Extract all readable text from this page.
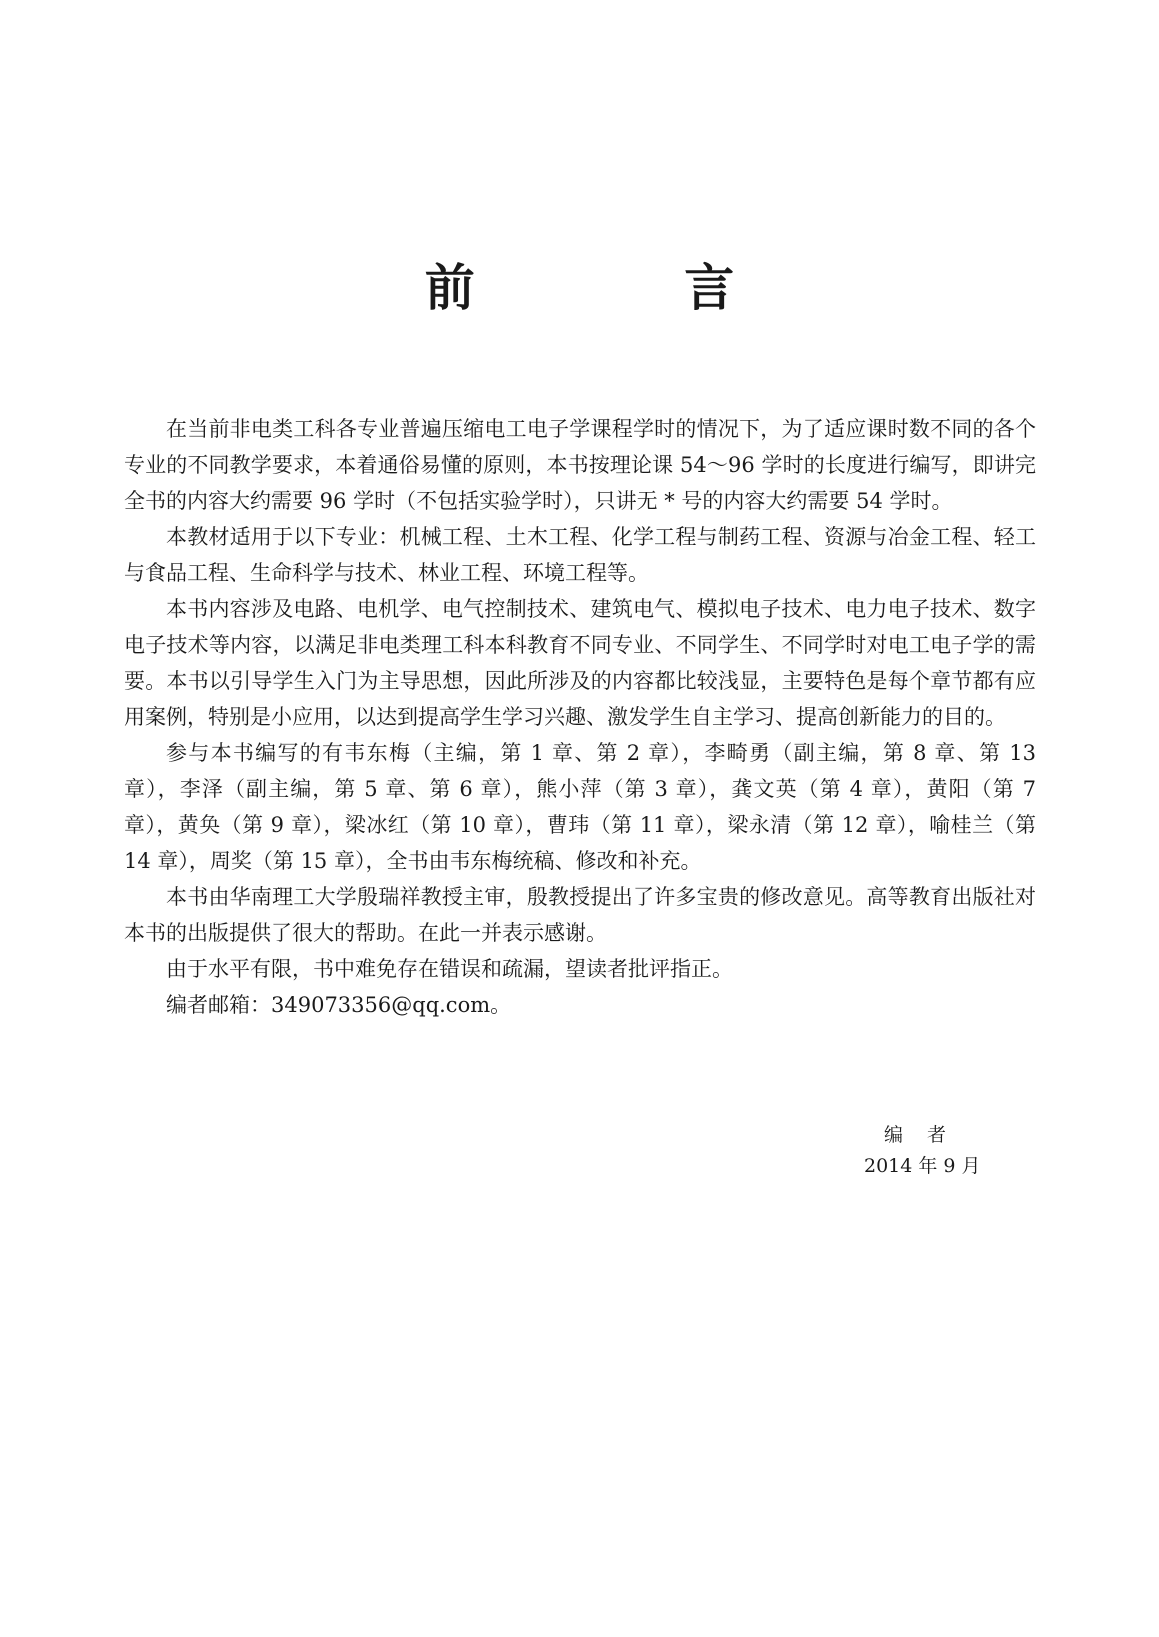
前 言

在当前非电类工科各专业普遍压缩电工电子学课程学时的情况下，为了适应课时数不同的各个专业的不同教学要求，本着通俗易懂的原则，本书按理论课 54～96 学时的长度进行编写，即讲完全书的内容大约需要 96 学时（不包括实验学时），只讲无 * 号的内容大约需要 54 学时。

本教材适用于以下专业：机械工程、土木工程、化学工程与制药工程、资源与冶金工程、轻工与食品工程、生命科学与技术、林业工程、环境工程等。

本书内容涉及电路、电机学、电气控制技术、建筑电气、模拟电子技术、电力电子技术、数字电子技术等内容，以满足非电类理工科本科教育不同专业、不同学生、不同学时对电工电子学的需要。本书以引导学生入门为主导思想，因此所涉及的内容都比较浅显，主要特色是每个章节都有应用案例，特别是小应用，以达到提高学生学习兴趣、激发学生自主学习、提高创新能力的目的。

参与本书编写的有韦东梅（主编，第 1 章、第 2 章），李畸勇（副主编，第 8 章、第 13 章），李泽（副主编，第 5 章、第 6 章），熊小萍（第 3 章），龚文英（第 4 章），黄阳（第 7 章），黄奂（第 9 章），梁冰红（第 10 章），曹玮（第 11 章），梁永清（第 12 章），喻桂兰（第 14 章），周奖（第 15 章），全书由韦东梅统稿、修改和补充。

本书由华南理工大学殷瑞祥教授主审，殷教授提出了许多宝贵的修改意见。高等教育出版社对本书的出版提供了很大的帮助。在此一并表示感谢。

由于水平有限，书中难免存在错误和疏漏，望读者批评指正。

编者邮箱：349073356@qq.com。

编者
2014 年 9 月
